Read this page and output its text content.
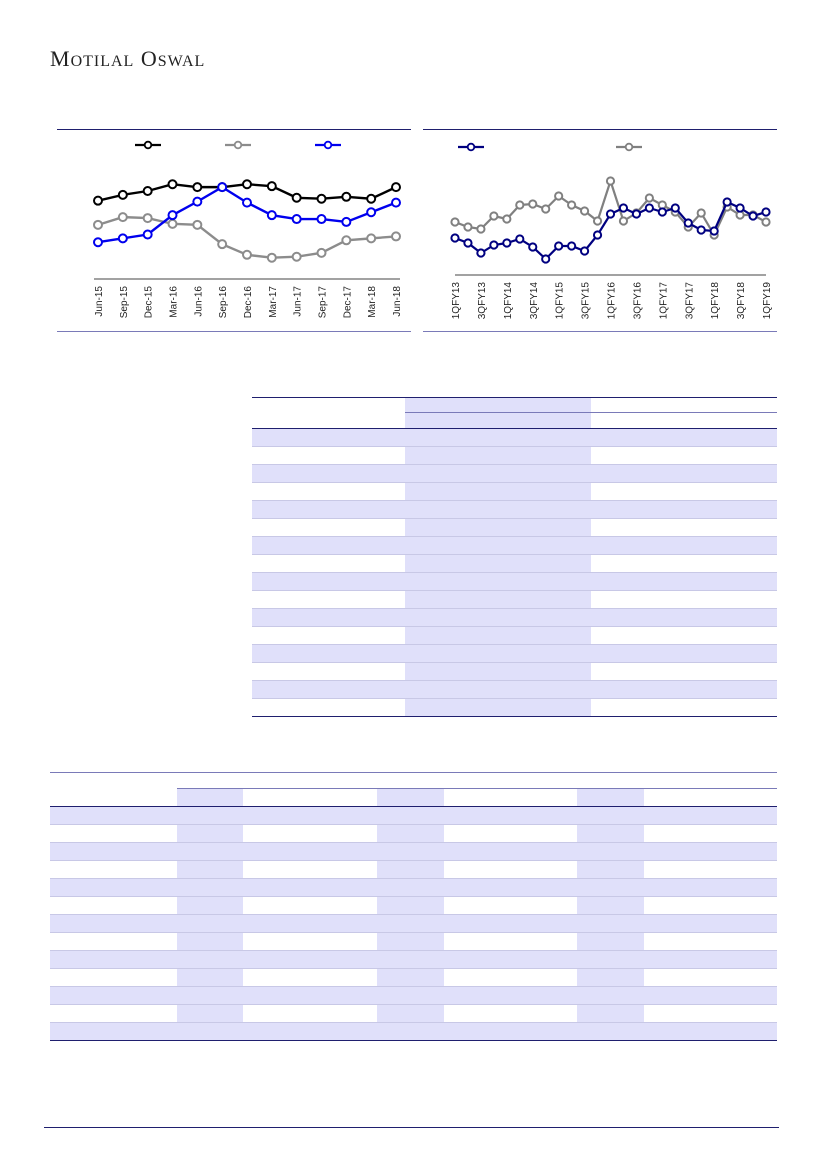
MOTILAL OSWAL
Jun-15 Sep-15 Dec-15 Mar-16 Jun-16 Sep-16 Dec-16 Mar-17 Jun-17 Sep-17 Dec-17 Mar-18 Jun-18	1QFY13 3QFY13 1QFY14 3QFY14 1QFY15 3QFY15 1QFY16 3QFY16 1QFY17 3QFY17 1QFY18 3QFY18 1QFY19
